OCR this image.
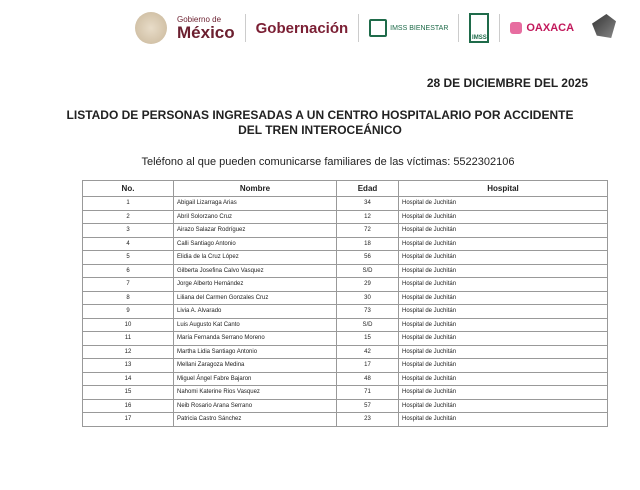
Gobierno de
México Gobernación	IMSS BIENESTAR
IMSS
OAXACA
28 DE DICIEMBRE DEL 2025
LISTADO DE PERSONAS INGRESADAS A UN CENTRO HOSPITALARIO POR ACCIDENTE DEL TREN INTEROCEÁNICO
Teléfono al que pueden comunicarse familiares de las víctimas: 5522302106
No.	Nombre	Edad	Hospital
1	Abigail Lizarraga Arias	34	Hospital de Juchitán
2	Abril Solorzano Cruz	12	Hospital de Juchitán
3	Airazo Salazar Rodríguez	72	Hospital de Juchitán
4	Calli Santiago Antonio	18	Hospital de Juchitán
5	Elidia de la Cruz López	56	Hospital de Juchitán
6	Gilberta Josefina Calvo Vasquez	S/D	Hospital de Juchitán
7	Jorge Alberto Hernández	29	Hospital de Juchitán
8	Liliana del Carmen Gonzales Cruz	30	Hospital de Juchitán
9	Livia A. Alvarado	73	Hospital de Juchitán
10	Luis Augusto Kat Canto	S/D	Hospital de Juchitán
11	María Fernanda Serrano Moreno	15	Hospital de Juchitán
12	Martha Lidia Santiago Antonio	42	Hospital de Juchitán
13	Mellani Zaragoza Medina	17	Hospital de Juchitán
14	Miguel Ángel Fabre Bajaron	48	Hospital de Juchitán
15	Nahomi Katerine Rios Vasquez	71	Hospital de Juchitán
16	Neib Rosario Arana Serrano	57	Hospital de Juchitán
17	Patricia Castro Sánchez	23	Hospital de Juchitán
